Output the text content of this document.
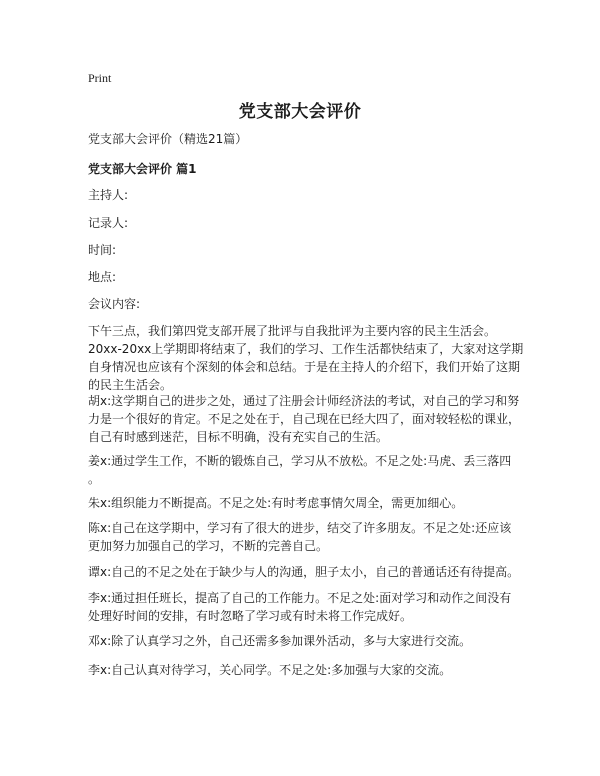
Print
党支部大会评价
党支部大会评价（精选21篇）
党支部大会评价 篇1
主持人:
记录人:
时间:
地点:
会议内容:
下午三点，我们第四党支部开展了批评与自我批评为主要内容的民主生活会。
20xx-20xx上学期即将结束了，我们的学习、工作生活都快结束了，大家对这学期
自身情况也应该有个深刻的体会和总结。于是在主持人的介绍下，我们开始了这期
的民主生活会。
胡x:这学期自己的进步之处，通过了注册会计师经济法的考试，对自己的学习和努
力是一个很好的肯定。不足之处在于，自己现在已经大四了，面对较轻松的课业，
自己有时感到迷茫，目标不明确，没有充实自己的生活。
姜x:通过学生工作，不断的锻炼自己，学习从不放松。不足之处:马虎、丢三落四
。
朱x:组织能力不断提高。不足之处:有时考虑事情欠周全，需更加细心。
陈x:自己在这学期中，学习有了很大的进步，结交了许多朋友。不足之处:还应该
更加努力加强自己的学习，不断的完善自己。
谭x:自己的不足之处在于缺少与人的沟通，胆子太小，自己的普通话还有待提高。
李x:通过担任班长，提高了自己的工作能力。不足之处:面对学习和动作之间没有
处理好时间的安排，有时忽略了学习或有时未将工作完成好。
邓x:除了认真学习之外，自己还需多参加课外活动，多与大家进行交流。
李x:自己认真对待学习，关心同学。不足之处:多加强与大家的交流。
